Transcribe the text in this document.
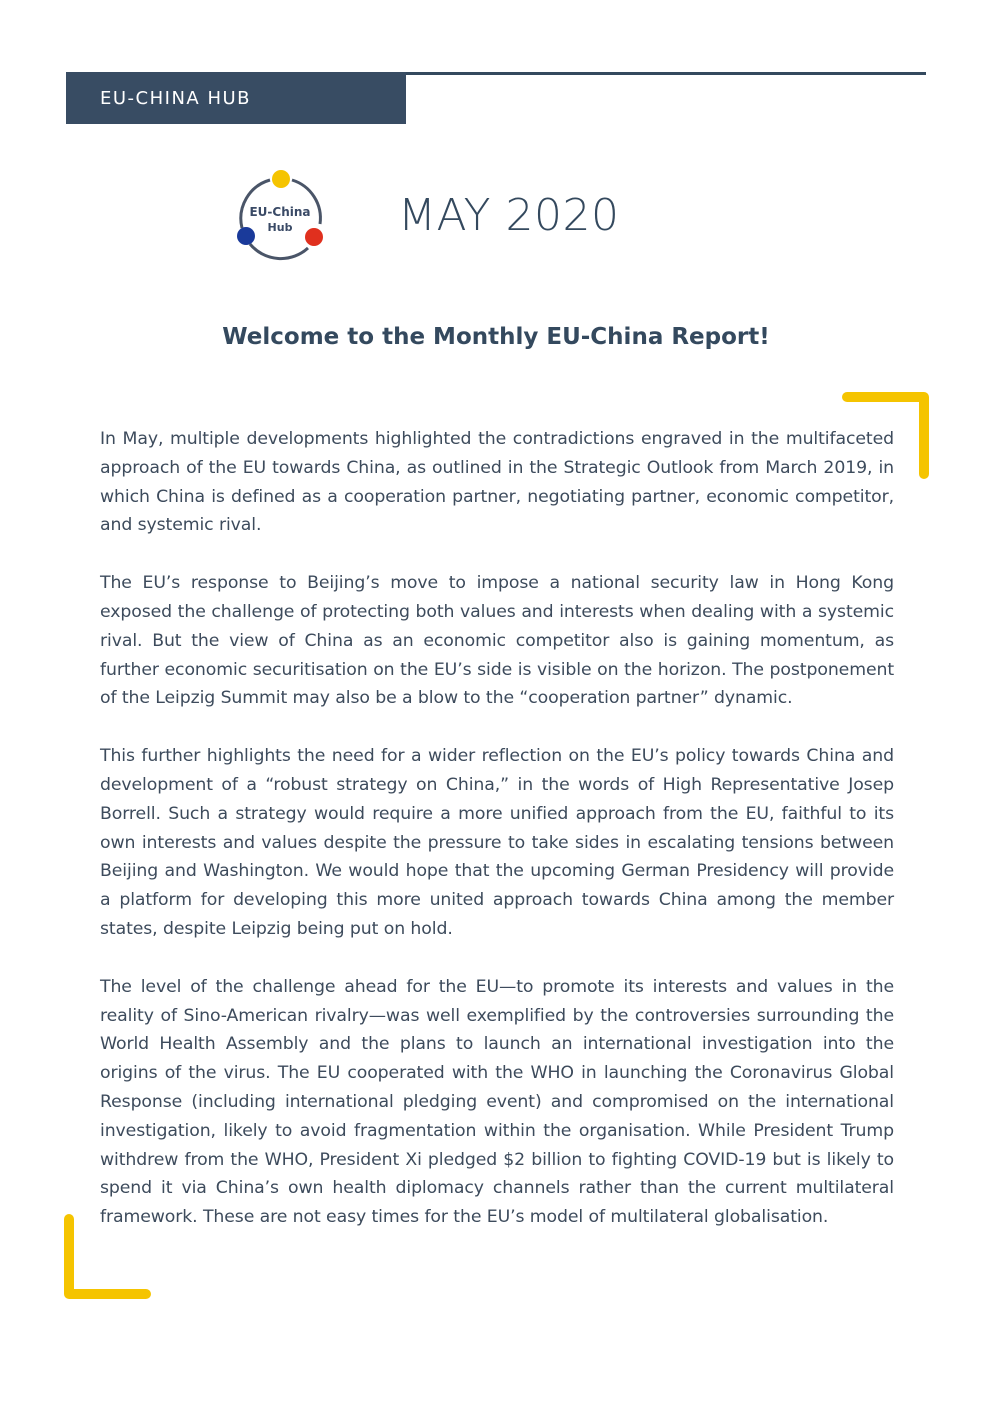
EU-CHINA HUB
EU-China
Hub	MAY 2020
Welcome to the Monthly EU-China Report!

In May, multiple developments highlighted the contradictions engraved in the multifaceted approach of the EU towards China, as outlined in the Strategic Outlook from March 2019, in which China is defined as a cooperation partner, negotiating partner, economic competitor, and systemic rival.

The EU’s response to Beijing’s move to impose a national security law in Hong Kong exposed the challenge of protecting both values and interests when dealing with a systemic rival. But the view of China as an economic competitor also is gaining momentum, as further economic securitisation on the EU’s side is visible on the horizon. The postponement of the Leipzig Summit may also be a blow to the “cooperation partner” dynamic.

This further highlights the need for a wider reflection on the EU’s policy towards China and development of a “robust strategy on China,” in the words of High Representative Josep Borrell. Such a strategy would require a more unified approach from the EU, faithful to its own interests and values despite the pressure to take sides in escalating tensions between Beijing and Washington. We would hope that the upcoming German Presidency will provide a platform for developing this more united approach towards China among the member states, despite Leipzig being put on hold.

The level of the challenge ahead for the EU—to promote its interests and values in the reality of Sino-American rivalry—was well exemplified by the controversies surrounding the World Health Assembly and the plans to launch an international investigation into the origins of the virus. The EU cooperated with the WHO in launching the Coronavirus Global Response (including international pledging event) and compromised on the international investigation, likely to avoid fragmentation within the organisation. While President Trump withdrew from the WHO, President Xi pledged $2 billion to fighting COVID-19 but is likely to spend it via China’s own health diplomacy channels rather than the current multilateral framework. These are not easy times for the EU’s model of multilateral globalisation.
